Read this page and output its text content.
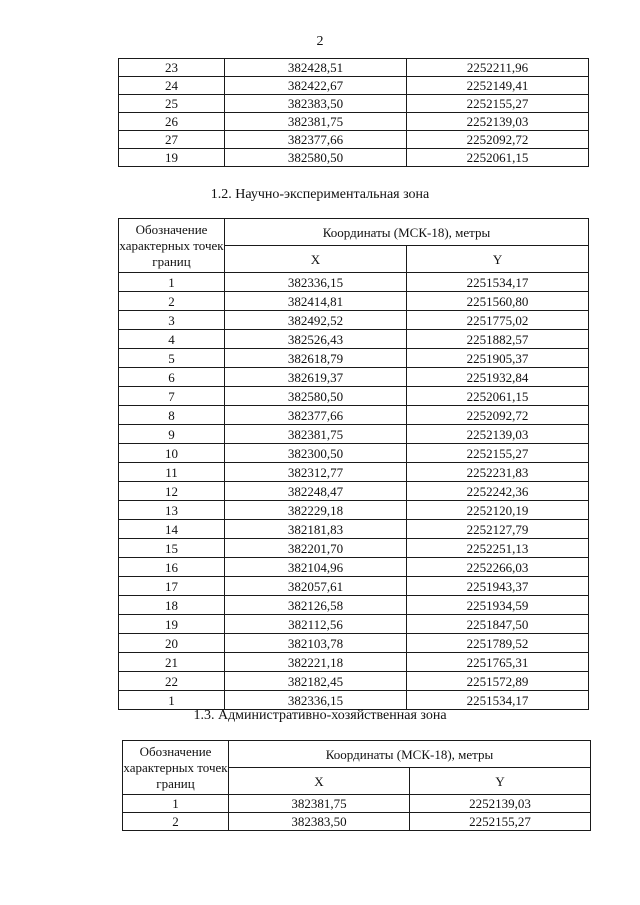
2
23	382428,51	2252211,96
24	382422,67	2252149,41
25	382383,50	2252155,27
26	382381,75	2252139,03
27	382377,66	2252092,72
19	382580,50	2252061,15
1.2. Научно-экспериментальная зона
Обозначение характерных точек границ	Координаты (МСК-18), метры	
	X	Y
1	382336,15	2251534,17
2	382414,81	2251560,80
3	382492,52	2251775,02
4	382526,43	2251882,57
5	382618,79	2251905,37
6	382619,37	2251932,84
7	382580,50	2252061,15
8	382377,66	2252092,72
9	382381,75	2252139,03
10	382300,50	2252155,27
11	382312,77	2252231,83
12	382248,47	2252242,36
13	382229,18	2252120,19
14	382181,83	2252127,79
15	382201,70	2252251,13
16	382104,96	2252266,03
17	382057,61	2251943,37
18	382126,58	2251934,59
19	382112,56	2251847,50
20	382103,78	2251789,52
21	382221,18	2251765,31
22	382182,45	2251572,89
1	382336,15	2251534,17
1.3. Административно-хозяйственная зона
Обозначение характерных точек границ	Координаты (МСК-18), метры	
	X	Y
1	382381,75	2252139,03
2	382383,50	2252155,27
